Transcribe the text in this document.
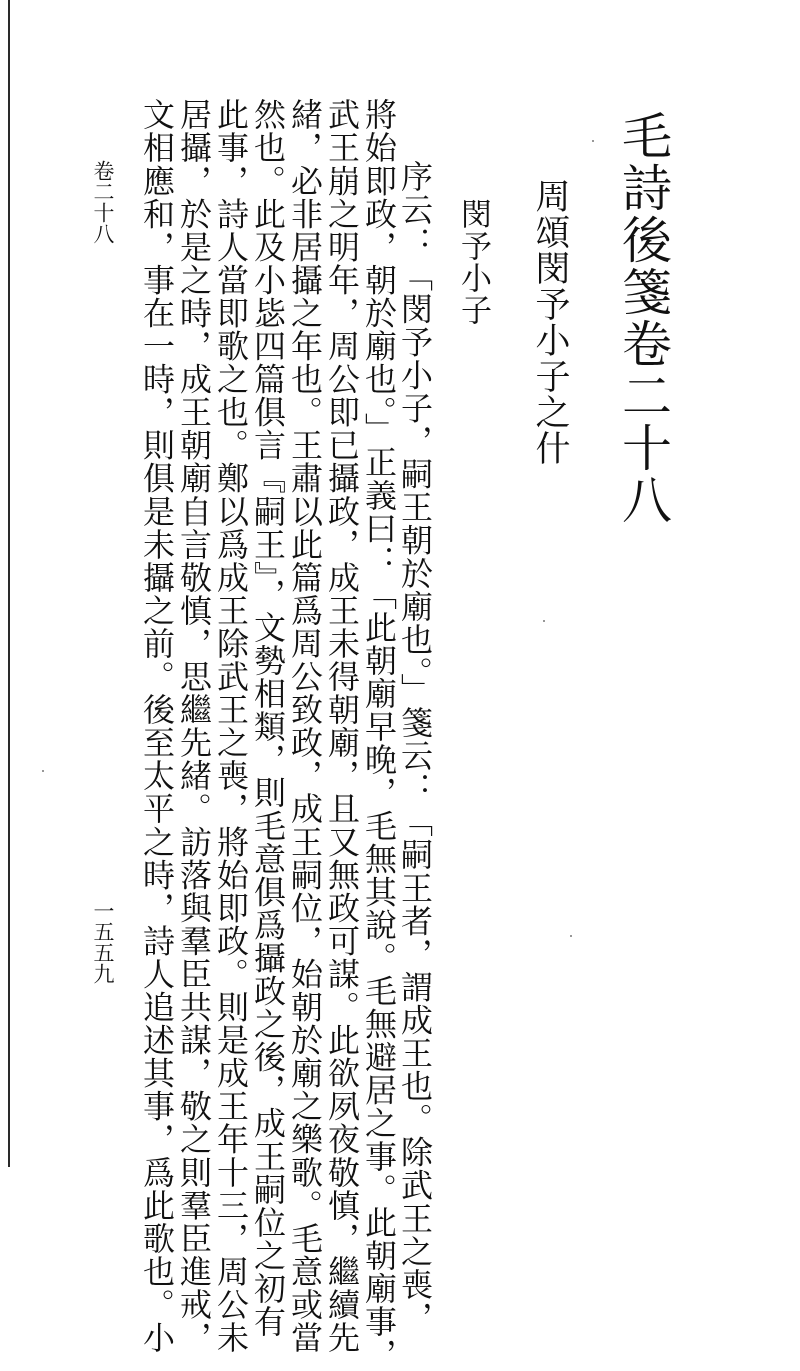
毛詩後箋卷二十八
周頌閔予小子之什
閔予小子
序云：「閔予小子，嗣王朝於廟也。」箋云：「嗣王者，謂成王也。除武王之喪，
將始即政，朝於廟也。」正義曰：「此朝廟早晚，毛無其說。毛無避居之事。此朝廟事，
武王崩之明年，周公即已攝政，成王未得朝廟，且又無政可謀。此欲夙夜敬慎，繼續先
緒，必非居攝之年也。王肅以此篇爲周公致政，成王嗣位，始朝於廟之樂歌。毛意或當
然也。此及小毖四篇俱言『嗣王』，文勢相類，則毛意俱爲攝政之後，成王嗣位之初有
此事，詩人當即歌之也。鄭以爲成王除武王之喪，將始即政。則是成王年十三，周公未
居攝，於是之時，成王朝廟自言敬慎，思繼先緒。訪落與羣臣共謀，敬之則羣臣進戒，
文相應和，事在一時，則俱是未攝之前。後至太平之時，詩人追述其事，爲此歌也。小
卷二十八
一五五九
